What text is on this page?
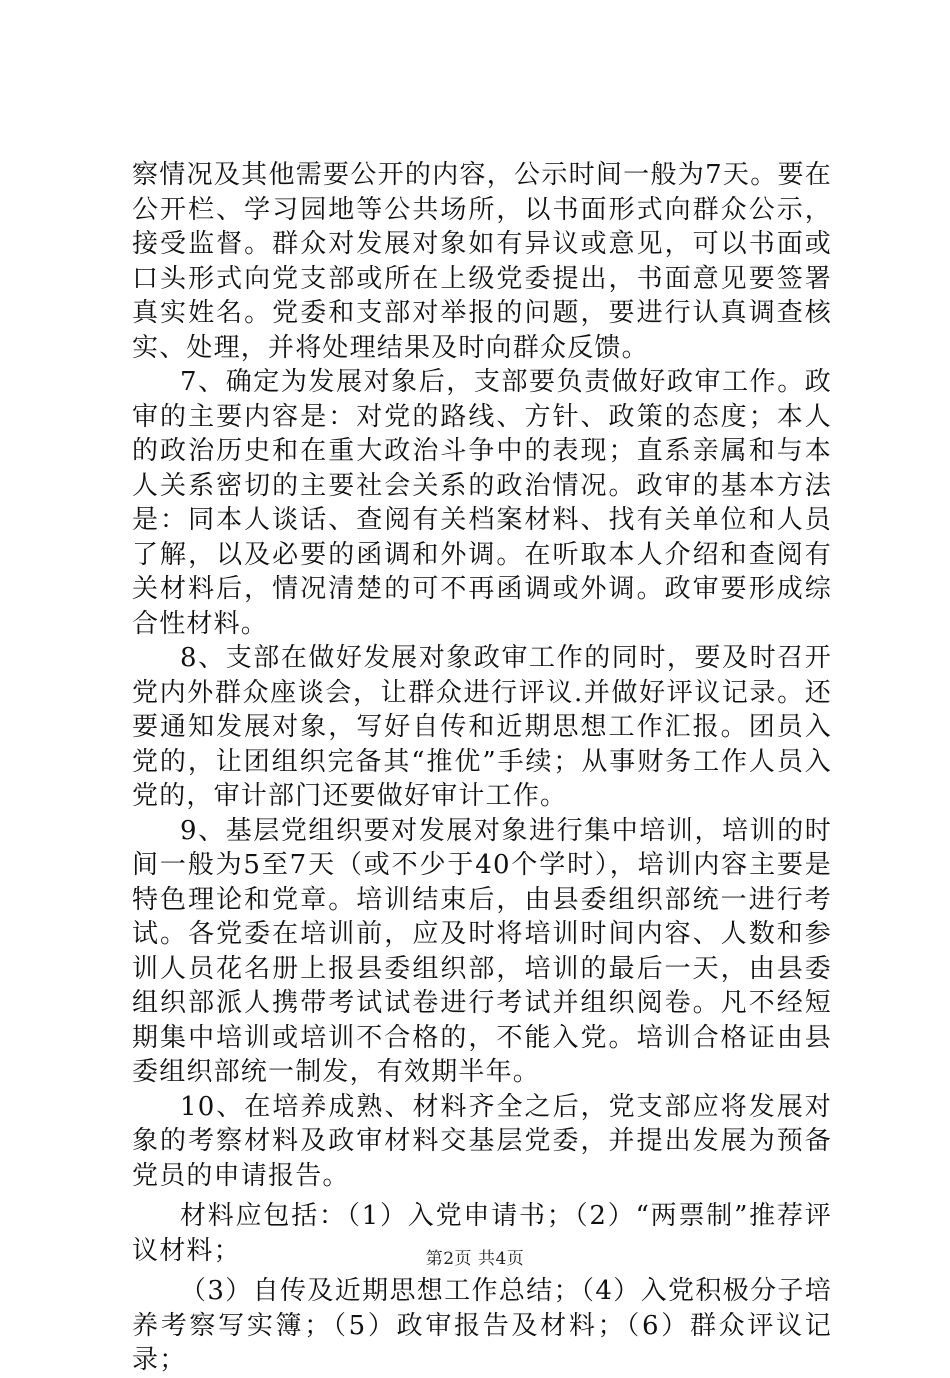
察情况及其他需要公开的内容，公示时间一般为7天。要在公开栏、学习园地等公共场所，以书面形式向群众公示，接受监督。群众对发展对象如有异议或意见，可以书面或口头形式向党支部或所在上级党委提出，书面意见要签署真实姓名。党委和支部对举报的问题，要进行认真调查核实、处理，并将处理结果及时向群众反馈。

7、确定为发展对象后，支部要负责做好政审工作。政审的主要内容是：对党的路线、方针、政策的态度；本人的政治历史和在重大政治斗争中的表现；直系亲属和与本人关系密切的主要社会关系的政治情况。政审的基本方法是：同本人谈话、查阅有关档案材料、找有关单位和人员了解，以及必要的函调和外调。在听取本人介绍和查阅有关材料后，情况清楚的可不再函调或外调。政审要形成综合性材料。

8、支部在做好发展对象政审工作的同时，要及时召开党内外群众座谈会，让群众进行评议.并做好评议记录。还要通知发展对象，写好自传和近期思想工作汇报。团员入党的，让团组织完备其“推优”手续；从事财务工作人员入党的，审计部门还要做好审计工作。

9、基层党组织要对发展对象进行集中培训，培训的时间一般为5至7天（或不少于40个学时），培训内容主要是特色理论和党章。培训结束后，由县委组织部统一进行考试。各党委在培训前，应及时将培训时间内容、人数和参训人员花名册上报县委组织部，培训的最后一天，由县委组织部派人携带考试试卷进行考试并组织阅卷。凡不经短期集中培训或培训不合格的，不能入党。培训合格证由县委组织部统一制发，有效期半年。

10、在培养成熟、材料齐全之后，党支部应将发展对象的考察材料及政审材料交基层党委，并提出发展为预备党员的申请报告。

材料应包括：（1）入党申请书；（2）“两票制”推荐评议材料；

（3）自传及近期思想工作总结；（4）入党积极分子培养考察写实簿；（5）政审报告及材料；（6）群众评议记录；

第2页 共4页
